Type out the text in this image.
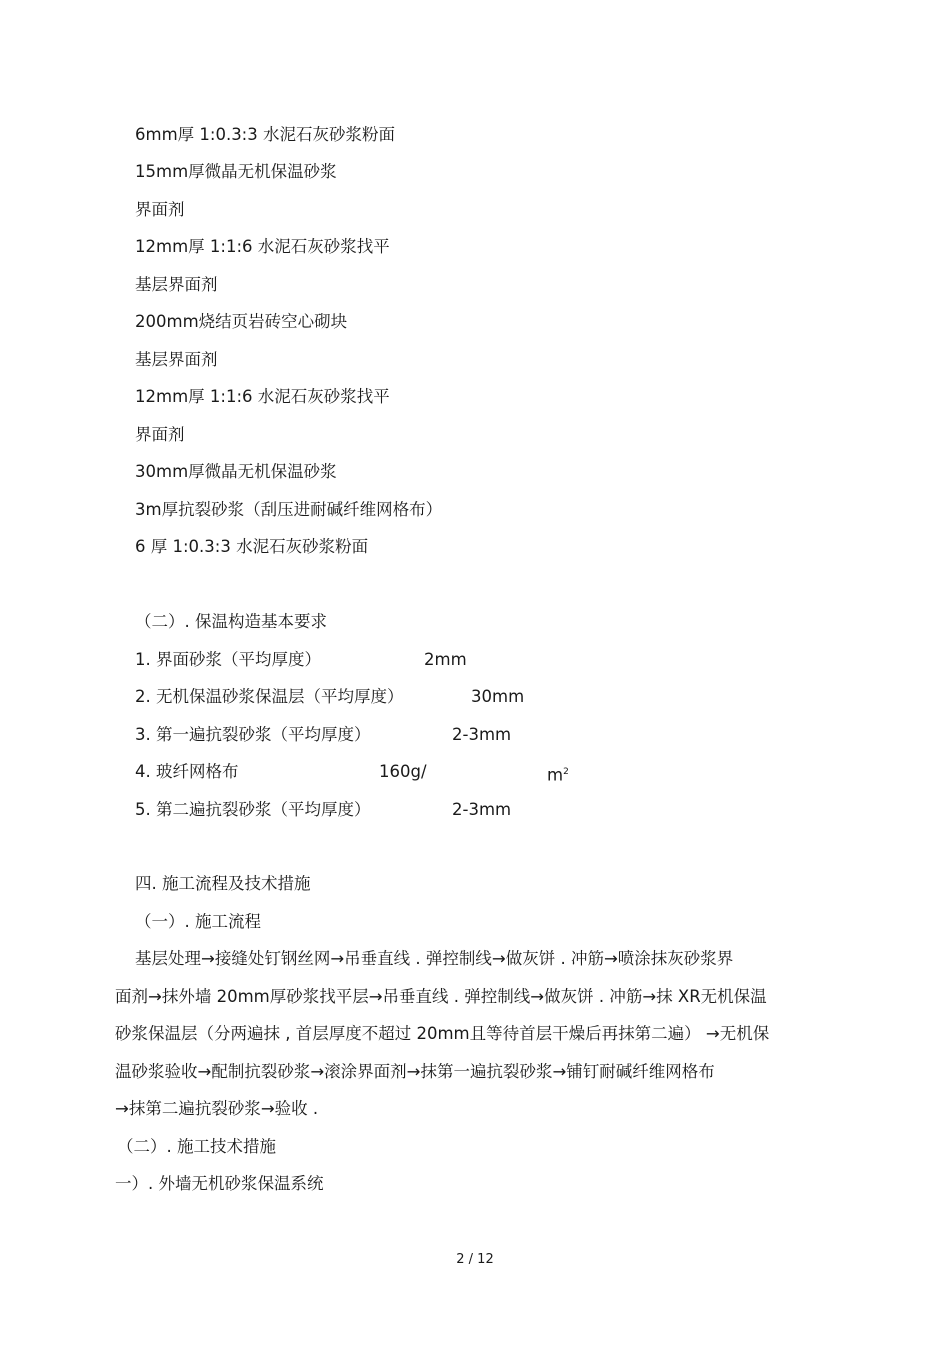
6mm厚 1:0.3:3 水泥石灰砂浆粉面
15mm厚微晶无机保温砂浆
界面剂
12mm厚 1:1:6 水泥石灰砂浆找平
基层界面剂
200mm烧结页岩砖空心砌块
基层界面剂
12mm厚 1:1:6 水泥石灰砂浆找平
界面剂
30mm厚微晶无机保温砂浆
3m厚抗裂砂浆（刮压进耐碱纤维网格布）
6 厚 1:0.3:3 水泥石灰砂浆粉面
（二）. 保温构造基本要求
1. 界面砂浆（平均厚度）	2mm
2. 无机保温砂浆保温层（平均厚度）	30mm
3. 第一遍抗裂砂浆（平均厚度）	2-3mm
4. 玻纤网格布	160g/	$m^2$
5. 第二遍抗裂砂浆（平均厚度）	2-3mm
四. 施工流程及技术措施
（一）. 施工流程
基层处理→接缝处钉钢丝网→吊垂直线 . 弹控制线→做灰饼 . 冲筋→喷涂抹灰砂浆界
面剂→抹外墙 20mm厚砂浆找平层→吊垂直线 . 弹控制线→做灰饼 . 冲筋→抹 XR无机保温
砂浆保温层（分两遍抹 , 首层厚度不超过 20mm且等待首层干燥后再抹第二遍） →无机保
温砂浆验收→配制抗裂砂浆→滚涂界面剂→抹第一遍抗裂砂浆→铺钉耐碱纤维网格布
→抹第二遍抗裂砂浆→验收 .
（二）. 施工技术措施
一）. 外墙无机砂浆保温系统
2 / 12
